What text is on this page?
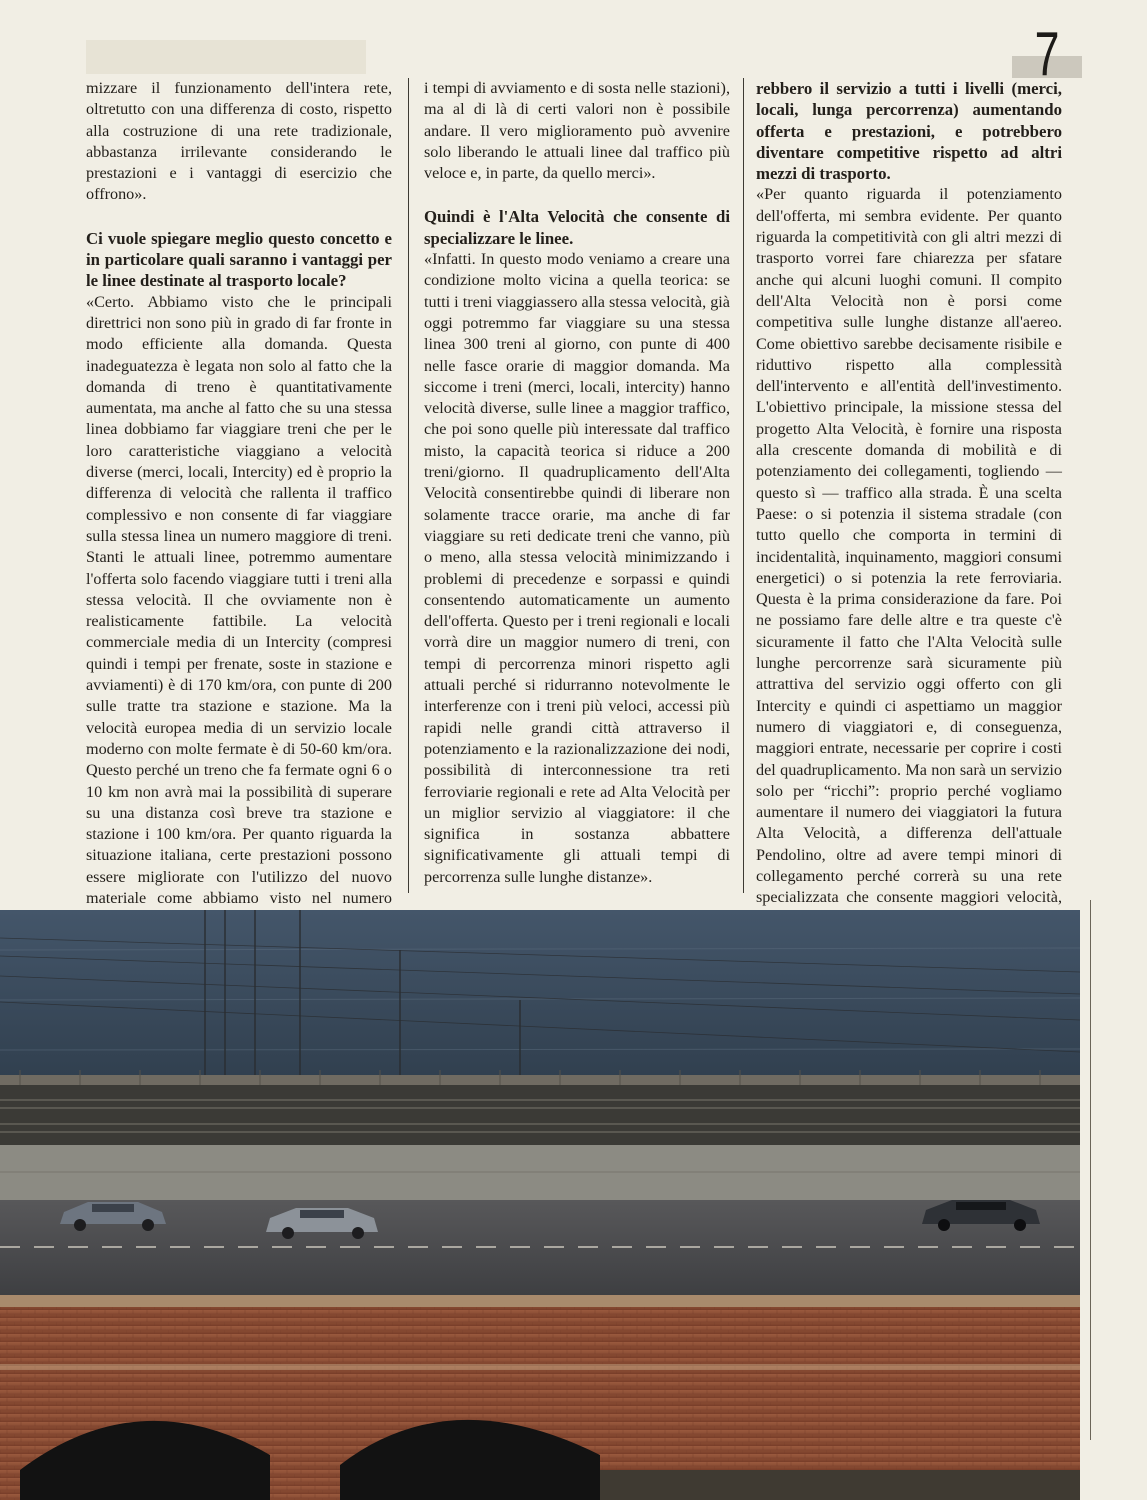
7

mizzare il funzionamento dell'intera rete, oltretutto con una differenza di costo, rispetto alla costruzione di una rete tradizionale, abbastanza irrilevante considerando le prestazioni e i vantaggi di esercizio che offrono».

Ci vuole spiegare meglio questo concetto e in particolare quali saranno i vantaggi per le linee destinate al trasporto locale?

«Certo. Abbiamo visto che le principali direttrici non sono più in grado di far fronte in modo efficiente alla domanda. Questa inadeguatezza è legata non solo al fatto che la domanda di treno è quantitativamente aumentata, ma anche al fatto che su una stessa linea dobbiamo far viaggiare treni che per le loro caratteristiche viaggiano a velocità diverse (merci, locali, Intercity) ed è proprio la differenza di velocità che rallenta il traffico complessivo e non consente di far viaggiare sulla stessa linea un numero maggiore di treni. Stanti le attuali linee, potremmo aumentare l'offerta solo facendo viaggiare tutti i treni alla stessa velocità. Il che ovviamente non è realisticamente fattibile. La velocità commerciale media di un Intercity (compresi quindi i tempi per frenate, soste in stazione e avviamenti) è di 170 km/ora, con punte di 200 sulle tratte tra stazione e stazione. Ma la velocità europea media di un servizio locale moderno con molte fermate è di 50-60 km/ora. Questo perché un treno che fa fermate ogni 6 o 10 km non avrà mai la possibilità di superare su una distanza così breve tra stazione e stazione i 100 km/ora. Per quanto riguarda la situazione italiana, certe prestazioni possono essere migliorate con l'utilizzo del nuovo materiale come abbiamo visto nel numero

i tempi di avviamento e di sosta nelle stazioni), ma al di là di certi valori non è possibile andare. Il vero miglioramento può avvenire solo liberando le attuali linee dal traffico più veloce e, in parte, da quello merci».

Quindi è l'Alta Velocità che consente di specializzare le linee.

«Infatti. In questo modo veniamo a creare una condizione molto vicina a quella teorica: se tutti i treni viaggiassero alla stessa velocità, già oggi potremmo far viaggiare su una stessa linea 300 treni al giorno, con punte di 400 nelle fasce orarie di maggior domanda. Ma siccome i treni (merci, locali, intercity) hanno velocità diverse, sulle linee a maggior traffico, che poi sono quelle più interessate dal traffico misto, la capacità teorica si riduce a 200 treni/giorno. Il quadruplicamento dell'Alta Velocità consentirebbe quindi di liberare non solamente tracce orarie, ma anche di far viaggiare su reti dedicate treni che vanno, più o meno, alla stessa velocità minimizzando i problemi di precedenze e sorpassi e quindi consentendo automaticamente un aumento dell'offerta. Questo per i treni regionali e locali vorrà dire un maggior numero di treni, con tempi di percorrenza minori rispetto agli attuali perché si ridurranno notevolmente le interferenze con i treni più veloci, accessi più rapidi nelle grandi città attraverso il potenziamento e la razionalizzazione dei nodi, possibilità di interconnessione tra reti ferroviarie regionali e rete ad Alta Velocità per un miglior servizio al viaggiatore: il che significa in sostanza abbattere significativamente gli attuali tempi di percorrenza sulle lunghe distanze».

rebbero il servizio a tutti i livelli (merci, locali, lunga percorrenza) aumentando offerta e prestazioni, e potrebbero diventare competitive rispetto ad altri mezzi di trasporto.

«Per quanto riguarda il potenziamento dell'offerta, mi sembra evidente. Per quanto riguarda la competitività con gli altri mezzi di trasporto vorrei fare chiarezza per sfatare anche qui alcuni luoghi comuni. Il compito dell'Alta Velocità non è porsi come competitiva sulle lunghe distanze all'aereo. Come obiettivo sarebbe decisamente risibile e riduttivo rispetto alla complessità dell'intervento e all'entità dell'investimento. L'obiettivo principale, la missione stessa del progetto Alta Velocità, è fornire una risposta alla crescente domanda di mobilità e di potenziamento dei collegamenti, togliendo — questo sì — traffico alla strada. È una scelta Paese: o si potenzia il sistema stradale (con tutto quello che comporta in termini di incidentalità, inquinamento, maggiori consumi energetici) o si potenzia la rete ferroviaria. Questa è la prima considerazione da fare. Poi ne possiamo fare delle altre e tra queste c'è sicuramente il fatto che l'Alta Velocità sulle lunghe percorrenze sarà sicuramente più attrattiva del servizio oggi offerto con gli Intercity e quindi ci aspettiamo un maggior numero di viaggiatori e, di conseguenza, maggiori entrate, necessarie per coprire i costi del quadruplicamento. Ma non sarà un servizio solo per “ricchi”: proprio perché vogliamo aumentare il numero dei viaggiatori la futura Alta Velocità, a differenza dell'attuale Pendolino, oltre ad avere tempi minori di collegamento perché correrà su una rete specializzata che consente maggiori velocità,
